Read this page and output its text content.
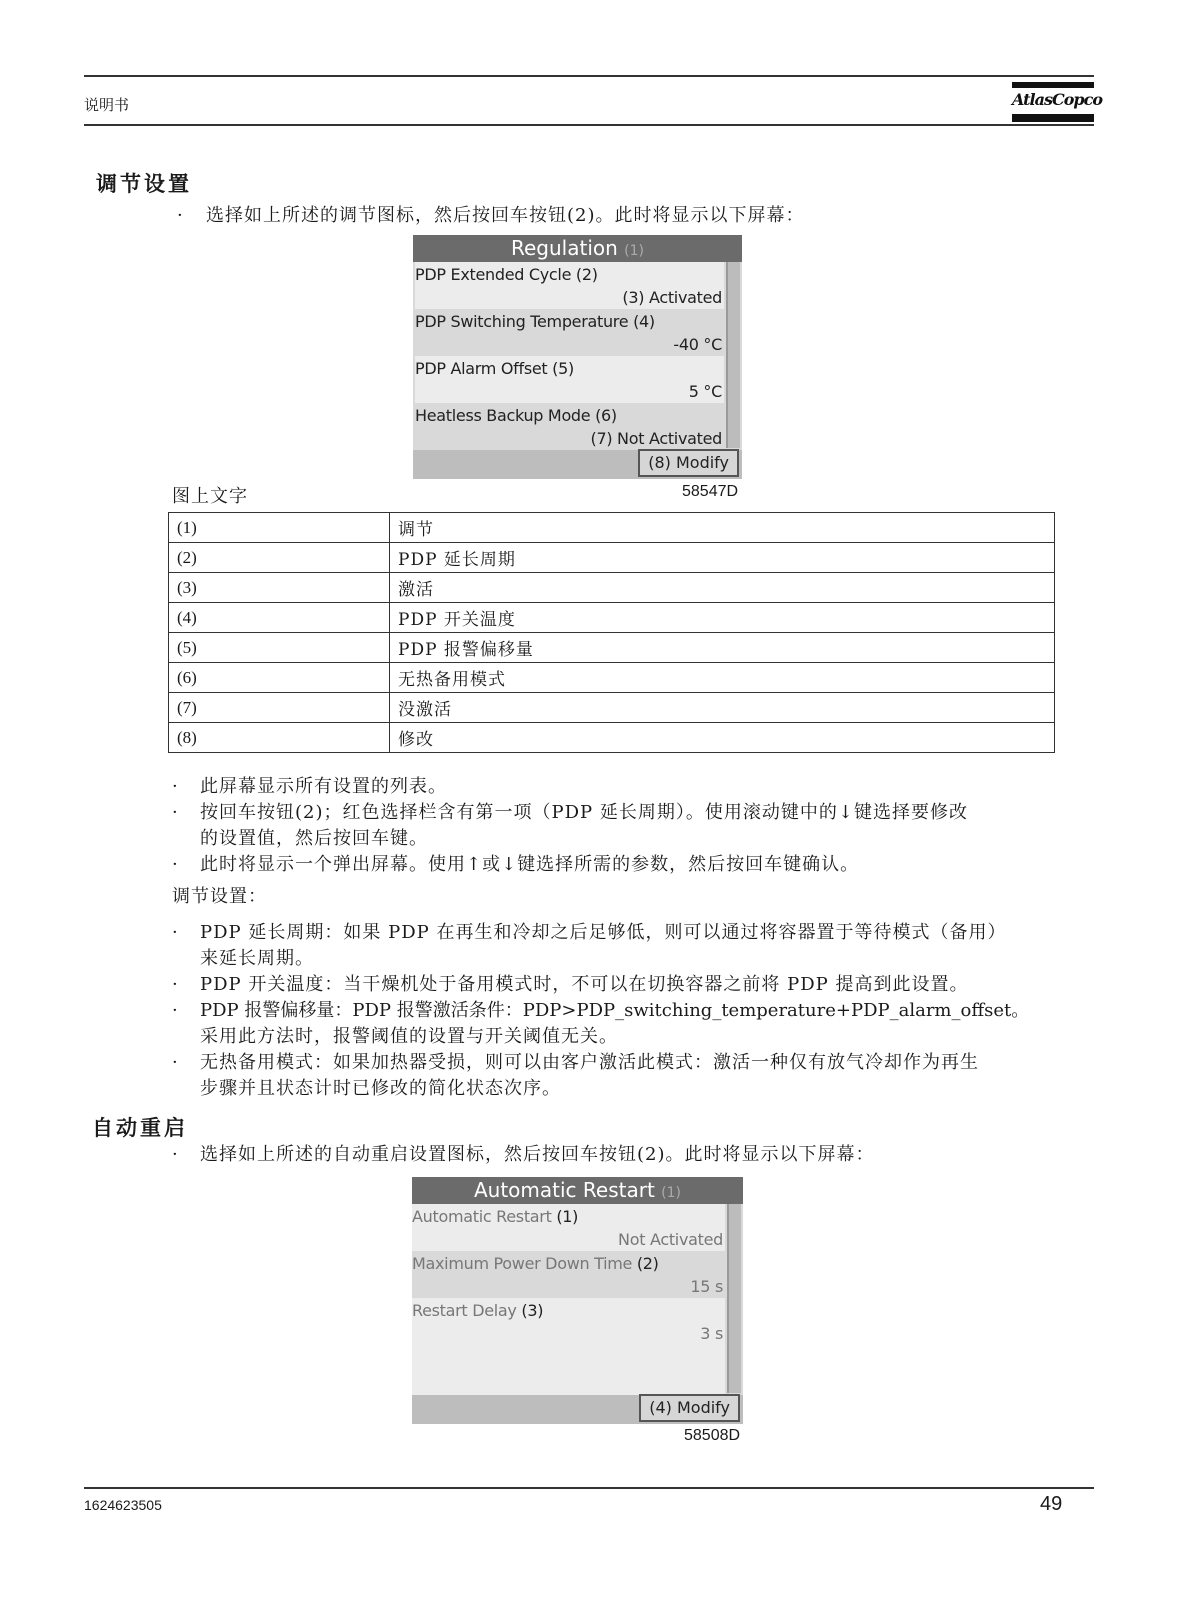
说明书	AtlasCopco
调节设置
· 选择如上所述的调节图标，然后按回车按钮(2)。此时将显示以下屏幕：
Regulation (1)
PDP Extended Cycle (2)
(3) Activated
PDP Switching Temperature (4)
-40 °C
PDP Alarm Offset (5)
5 °C
Heatless Backup Mode (6)
(7) Not Activated
(8) Modify
58547D
图上文字
(1)	调节
(2)	PDP 延长周期
(3)	激活
(4)	PDP 开关温度
(5)	PDP 报警偏移量
(6)	无热备用模式
(7)	没激活
(8)	修改
· 此屏幕显示所有设置的列表。
· 按回车按钮(2)；红色选择栏含有第一项（PDP 延长周期）。使用滚动键中的↓键选择要修改
的设置值，然后按回车键。
· 此时将显示一个弹出屏幕。使用↑或↓键选择所需的参数，然后按回车键确认。
调节设置：
· PDP 延长周期：如果 PDP 在再生和冷却之后足够低，则可以通过将容器置于等待模式（备用）
来延长周期。
· PDP 开关温度：当干燥机处于备用模式时，不可以在切换容器之前将 PDP 提高到此设置。
· PDP 报警偏移量：PDP 报警激活条件：PDP>PDP_switching_temperature+PDP_alarm_offset。
采用此方法时，报警阈值的设置与开关阈值无关。
· 无热备用模式：如果加热器受损，则可以由客户激活此模式：激活一种仅有放气冷却作为再生
步骤并且状态计时已修改的简化状态次序。
自动重启
· 选择如上所述的自动重启设置图标，然后按回车按钮(2)。此时将显示以下屏幕：
Automatic Restart (1)
Automatic Restart (1)
Not Activated
Maximum Power Down Time (2)
15 s
Restart Delay (3)
3 s
(4) Modify
58508D
1624623505	49
